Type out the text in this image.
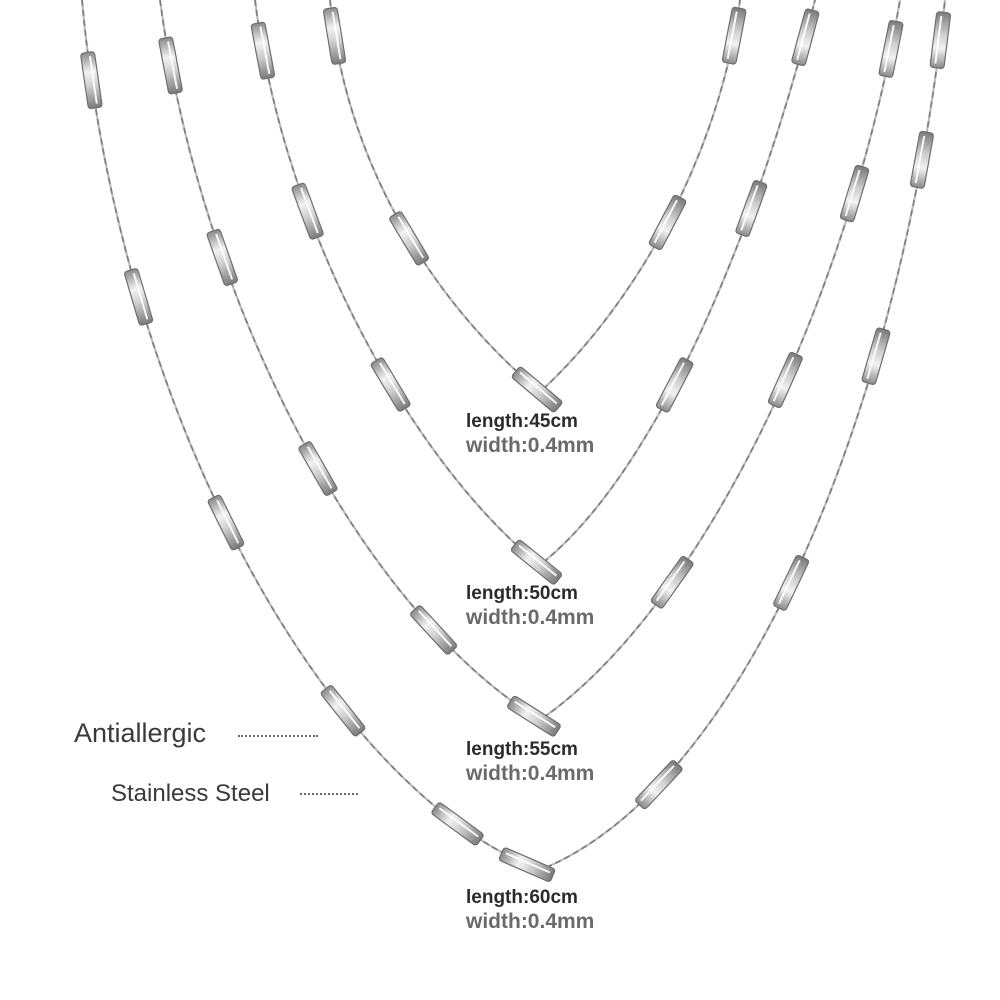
length:45cm
width:0.4mm
length:50cm
width:0.4mm
length:55cm
width:0.4mm
length:60cm
width:0.4mm
Antiallergic
Stainless Steel
